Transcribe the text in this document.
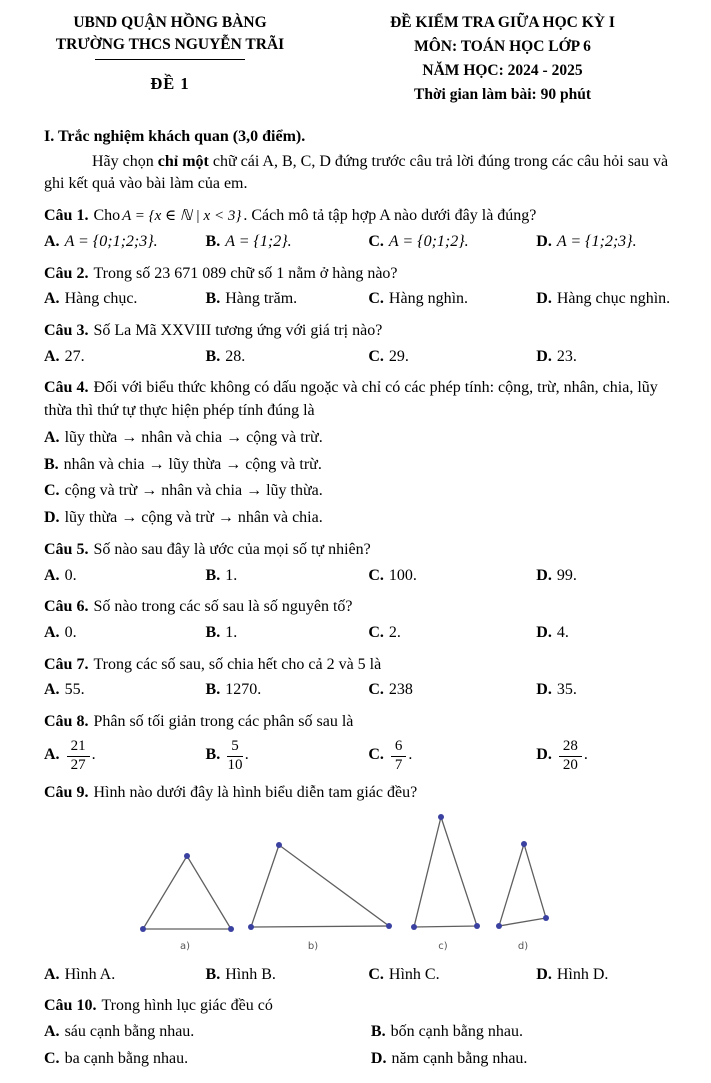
UBND QUẬN HỒNG BÀNG
TRƯỜNG THCS NGUYỄN TRÃI
ĐỀ 1
ĐỀ KIỂM TRA GIỮA HỌC KỲ I
MÔN: TOÁN HỌC LỚP 6
NĂM HỌC: 2024 - 2025
Thời gian làm bài: 90 phút

I. Trắc nghiệm khách quan (3,0 điểm).

Hãy chọn chỉ một chữ cái A, B, C, D đứng trước câu trả lời đúng trong các câu hỏi sau và ghi kết quả vào bài làm của em.

Câu 1. Cho A = {x ∈ ℕ | x < 3} . Cách mô tả tập hợp A nào dưới đây là đúng?

A. A = {0;1;2;3}.	B. A = {1;2}.	C. A = {0;1;2}.	D. A = {1;2;3}.

Câu 2. Trong số 23 671 089 chữ số 1 nằm ở hàng nào?

A. Hàng chục.	B. Hàng trăm.	C. Hàng nghìn.	D. Hàng chục nghìn.

Câu 3. Số La Mã XXVIII tương ứng với giá trị nào?

A. 27.	B. 28.	C. 29.	D. 23.

Câu 4. Đối với biểu thức không có dấu ngoặc và chỉ có các phép tính: cộng, trừ, nhân, chia, lũy thừa thì thứ tự thực hiện phép tính đúng là

A. lũy thừa → nhân và chia → cộng và trừ.
B. nhân và chia → lũy thừa → cộng và trừ.
C. cộng và trừ → nhân và chia → lũy thừa.
D. lũy thừa → cộng và trừ → nhân và chia.

Câu 5. Số nào sau đây là ước của mọi số tự nhiên?

A. 0.	B. 1.	C. 100.	D. 99.

Câu 6. Số nào trong các số sau là số nguyên tố?

A. 0.	B. 1.	C. 2.	D. 4.

Câu 7. Trong các số sau, số chia hết cho cả 2 và 5 là

A. 55.	B. 1270.	C. 238	D. 35.

Câu 8. Phân số tối giản trong các phân số sau là

A. $\frac{21}{27}$ .	B. $\frac{5}{10}$ .	C. $\frac{6}{7}$ .	D. $\frac{28}{20}$ .

Câu 9. Hình nào dưới đây là hình biểu diễn tam giác đều?

a)	b)	c)	d)
A. Hình A.	B. Hình B.	C. Hình C.	D. Hình D.

Câu 10. Trong hình lục giác đều có

A. sáu cạnh bằng nhau.	B. bốn cạnh bằng nhau.
C. ba cạnh bằng nhau.	D. năm cạnh bằng nhau.
